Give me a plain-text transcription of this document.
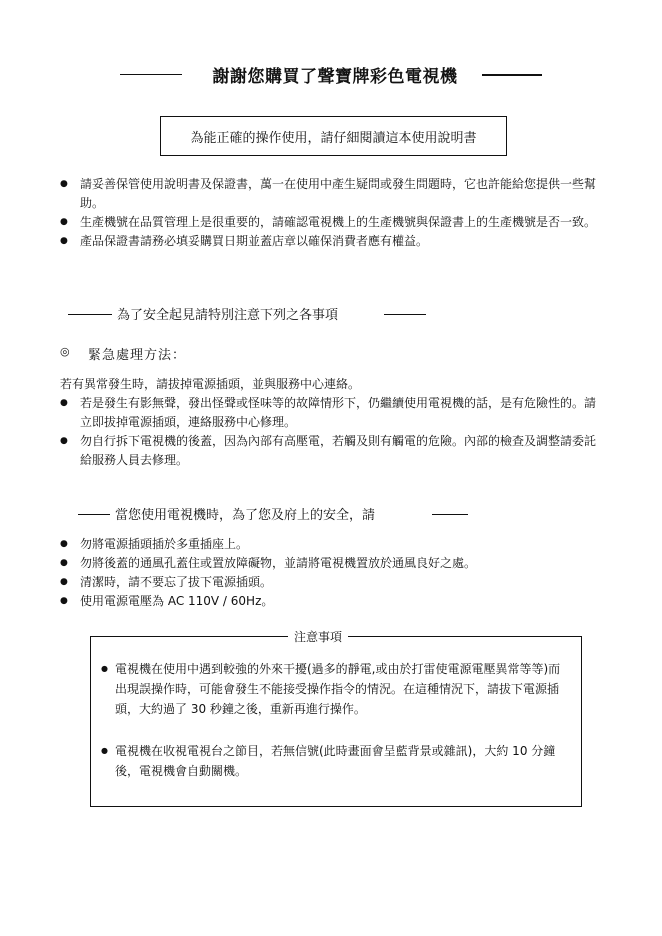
謝謝您購買了聲寶牌彩色電視機
為能正確的操作使用，請仔細閱讀這本使用說明書
● 請妥善保管使用說明書及保證書，萬一在使用中產生疑問或發生問題時，它也許能給您提供一些幫助。
● 生產機號在品質管理上是很重要的，請確認電視機上的生產機號與保證書上的生產機號是否一致。
● 產品保證書請務必填妥購買日期並蓋店章以確保消費者應有權益。
為了安全起見請特別注意下列之各事項
◎ 緊急處理方法：
若有異常發生時，請拔掉電源插頭，並與服務中心連絡。
● 若是發生有影無聲，發出怪聲或怪味等的故障情形下，仍繼續使用電視機的話，是有危險性的。請立即拔掉電源插頭，連絡服務中心修理。
● 勿自行拆下電視機的後蓋，因為內部有高壓電，若觸及則有觸電的危險。內部的檢查及調整請委託給服務人員去修理。
當您使用電視機時，為了您及府上的安全，請
● 勿將電源插頭插於多重插座上。
● 勿將後蓋的通風孔蓋住或置放障礙物，並請將電視機置放於通風良好之處。
● 清潔時，請不要忘了拔下電源插頭。
● 使用電源電壓為 AC 110V / 60Hz。
注意事項
● 電視機在使用中遇到較強的外來干擾(過多的靜電,或由於打雷使電源電壓異常等等)而出現誤操作時，可能會發生不能接受操作指令的情況。在這種情況下，請拔下電源插頭，大約過了 30 秒鐘之後，重新再進行操作。
● 電視機在收視電視台之節目，若無信號(此時畫面會呈藍背景或雜訊)，大約 10 分鐘後，電視機會自動關機。
